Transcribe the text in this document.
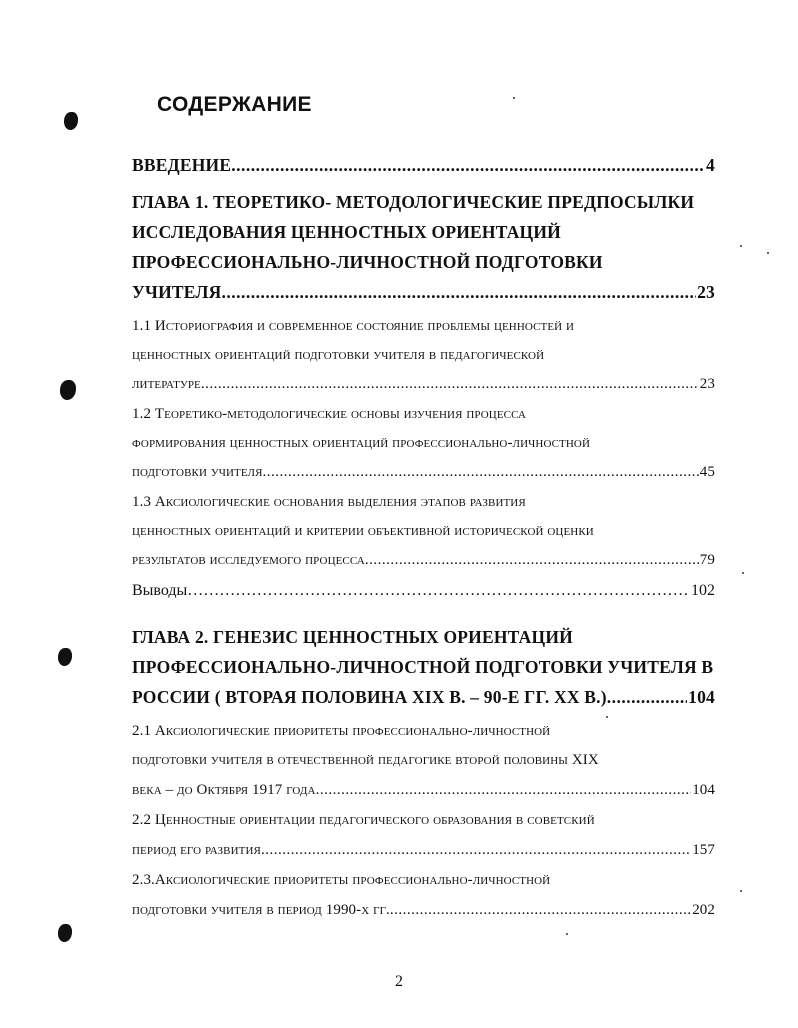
СОДЕРЖАНИЕ
ВВЕДЕНИЕ .....	4
ГЛАВА 1. ТЕОРЕТИКО- МЕТОДОЛОГИЧЕСКИЕ ПРЕДПОСЫЛКИ
ИССЛЕДОВАНИЯ ЦЕННОСТНЫХ ОРИЕНТАЦИЙ
ПРОФЕССИОНАЛЬНО-ЛИЧНОСТНОЙ ПОДГОТОВКИ
УЧИТЕЛЯ .....	23
1.1 Историография и современное состояние проблемы ценностей и
ценностных ориентаций подготовки учителя в педагогической
литературе .....	23
1.2 Теоретико-методологические основы изучения процесса
формирования ценностных ориентаций профессионально-личностной
подготовки учителя .....	45
1.3 Аксиологические основания выделения этапов развития
ценностных ориентаций и критерии объективной исторической оценки
результатов исследуемого процесса .....	79
Выводы …………………………………………………………………………………………………………………	102
ГЛАВА 2. ГЕНЕЗИС ЦЕННОСТНЫХ ОРИЕНТАЦИЙ
ПРОФЕССИОНАЛЬНО-ЛИЧНОСТНОЙ ПОДГОТОВКИ УЧИТЕЛЯ В
РОССИИ ( ВТОРАЯ ПОЛОВИНА XIX В. – 90-Е ГГ. XX В.) .....	104
2.1 Аксиологические приоритеты профессионально-личностной
подготовки учителя в отечественной педагогике второй половины XIX
века – до Октября 1917 года .....	104
2.2 Ценностные ориентации педагогического образования в советский
период его развития .....	157
2.3.Аксиологические приоритеты профессионально-личностной
подготовки учителя в период 1990-х гг. .....	202
2
